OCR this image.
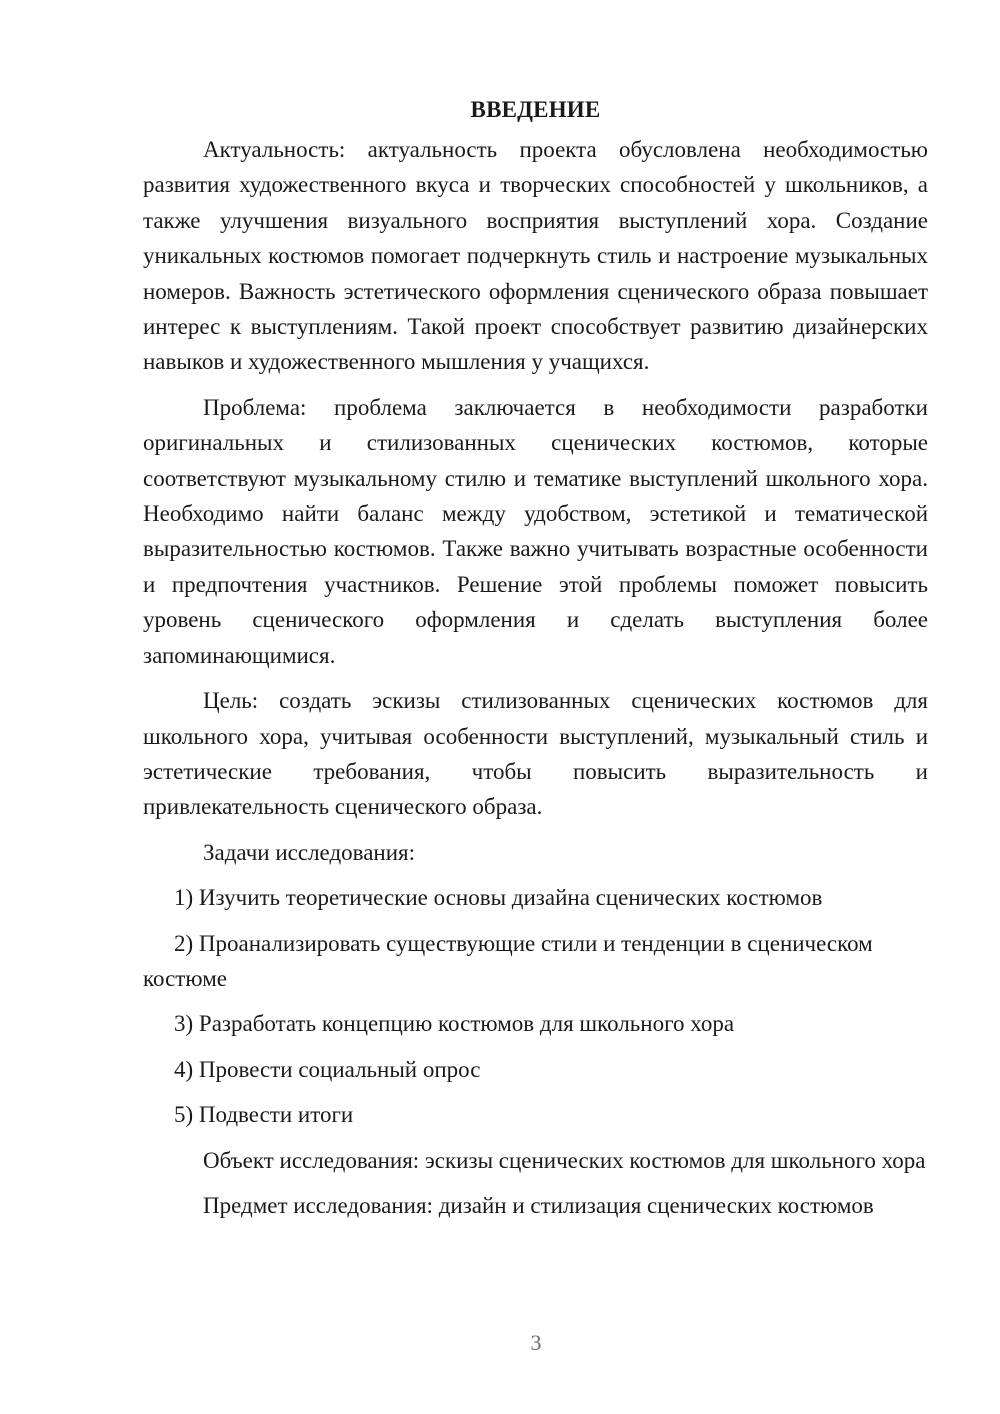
ВВЕДЕНИЕ

Актуальность: актуальность проекта обусловлена необходимостью развития художественного вкуса и творческих способностей у школьников, а также улучшения визуального восприятия выступлений хора. Создание уникальных костюмов помогает подчеркнуть стиль и настроение музыкальных номеров. Важность эстетического оформления сценического образа повышает интерес к выступлениям. Такой проект способствует развитию дизайнерских навыков и художественного мышления у учащихся.

Проблема: проблема заключается в необходимости разработки оригинальных и стилизованных сценических костюмов, которые соответствуют музыкальному стилю и тематике выступлений школьного хора. Необходимо найти баланс между удобством, эстетикой и тематической выразительностью костюмов. Также важно учитывать возрастные особенности и предпочтения участников. Решение этой проблемы поможет повысить уровень сценического оформления и сделать выступления более запоминающимися.

Цель: создать эскизы стилизованных сценических костюмов для школьного хора, учитывая особенности выступлений, музыкальный стиль и эстетические требования, чтобы повысить выразительность и привлекательность сценического образа.

Задачи исследования:

1) Изучить теоретические основы дизайна сценических костюмов

2) Проанализировать существующие стили и тенденции в сценическом костюме

3) Разработать концепцию костюмов для школьного хора

4) Провести социальный опрос

5) Подвести итоги

Объект исследования: эскизы сценических костюмов для школьного хора

Предмет исследования: дизайн и стилизация сценических костюмов

3
